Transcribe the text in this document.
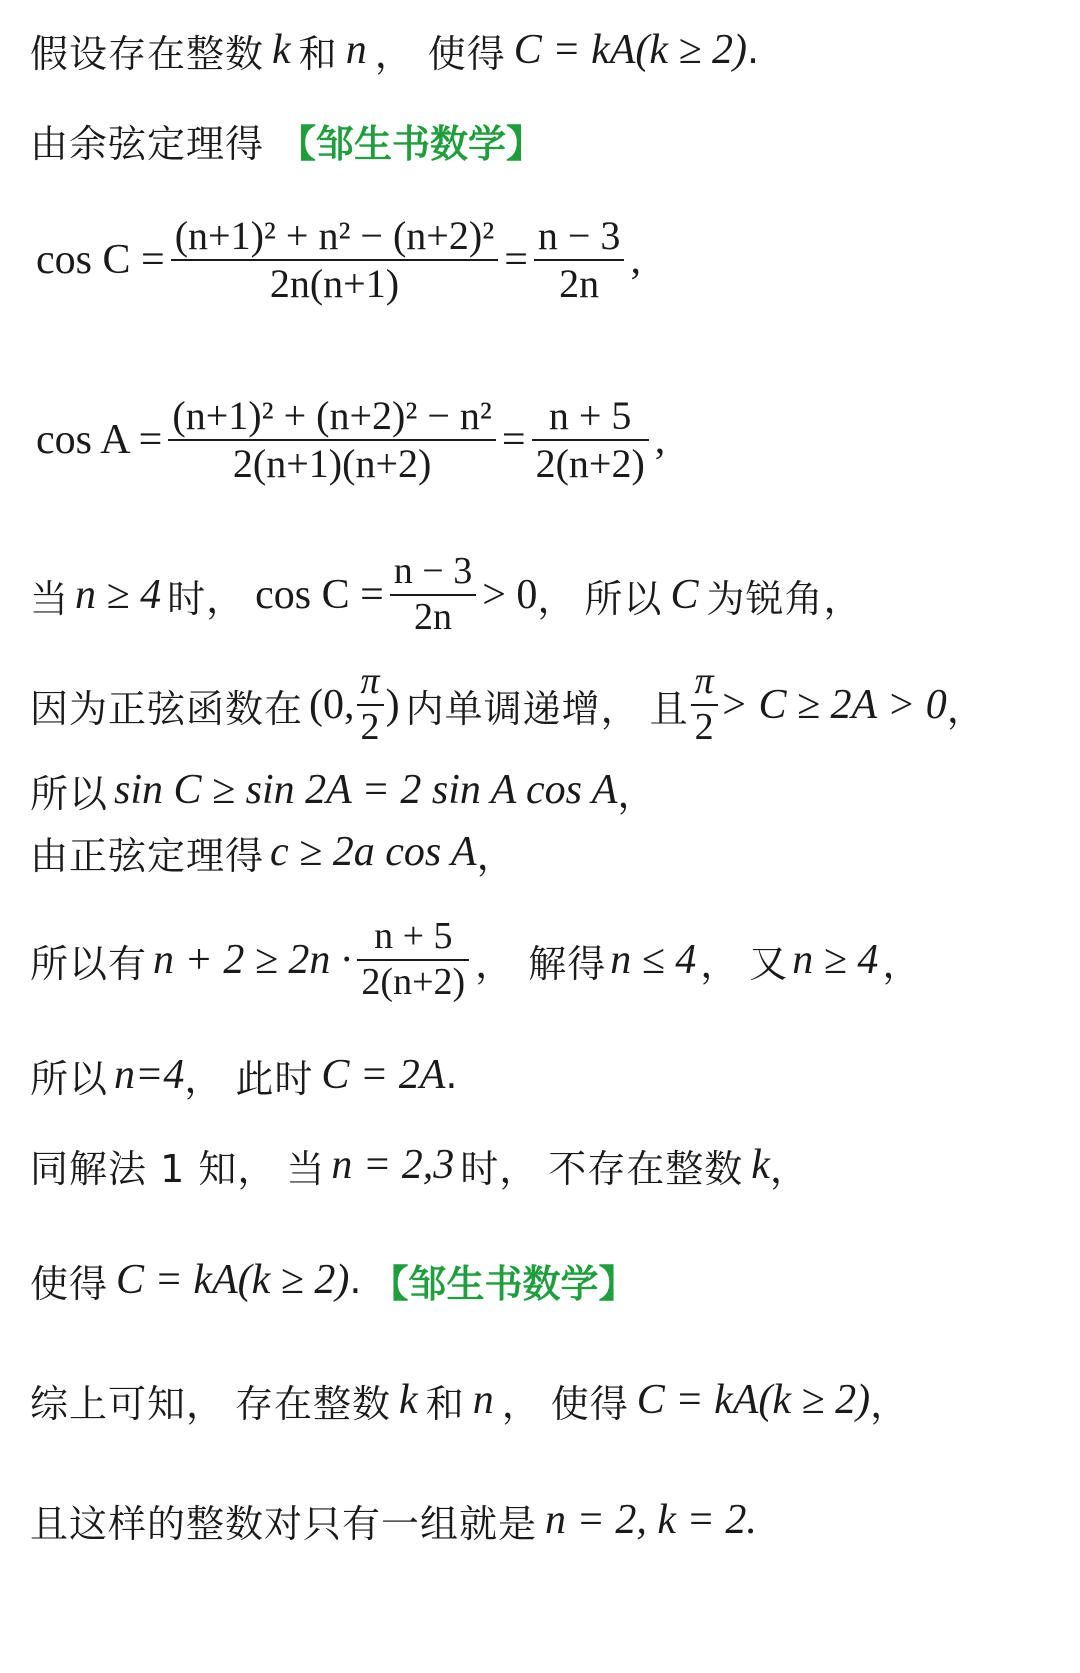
假设存在整数 k 和 n ， 使得 C = kA(k ≥ 2) .
由余弦定理得 【邹生书数学】
$\cos C = \frac{\text{(n+1)² + n² − (n+2)²}}{2n(n+1)} = \frac{n - 3}{2n}$ ,
$\cos A = \frac{\text{(n+1)² + (n+2)² − n²}}{2(n+1)(n+2)} = \frac{n + 5}{2(n+2)}$ ,
当 n ≥ 4 时， $\cos C = \frac{n - 3}{2n} > 0$ ， 所以 C 为锐角，
因为正弦函数在 (0, $\frac{\pi}{2}$ ) 内单调递增， 且 $\frac{\pi}{2} > C \ge 2A > 0$ ，
所以 sin C ≥ sin 2A = 2 sin A cos A ，
由正弦定理得 c ≥ 2a cos A ，
所以有 $n + 2 \ge 2n \cdot \frac{n + 5}{2(n+2)}$ ， 解得 n ≤ 4 ， 又 n ≥ 4 ，
所以 n=4 ， 此时 C = 2A .
同解法 1 知， 当 n = 2,3 时， 不存在整数 k ，
使得 C = kA(k ≥ 2) . 【邹生书数学】
综上可知， 存在整数 k 和 n ， 使得 C = kA(k ≥ 2) ，
且这样的整数对只有一组就是 n = 2, k = 2.
